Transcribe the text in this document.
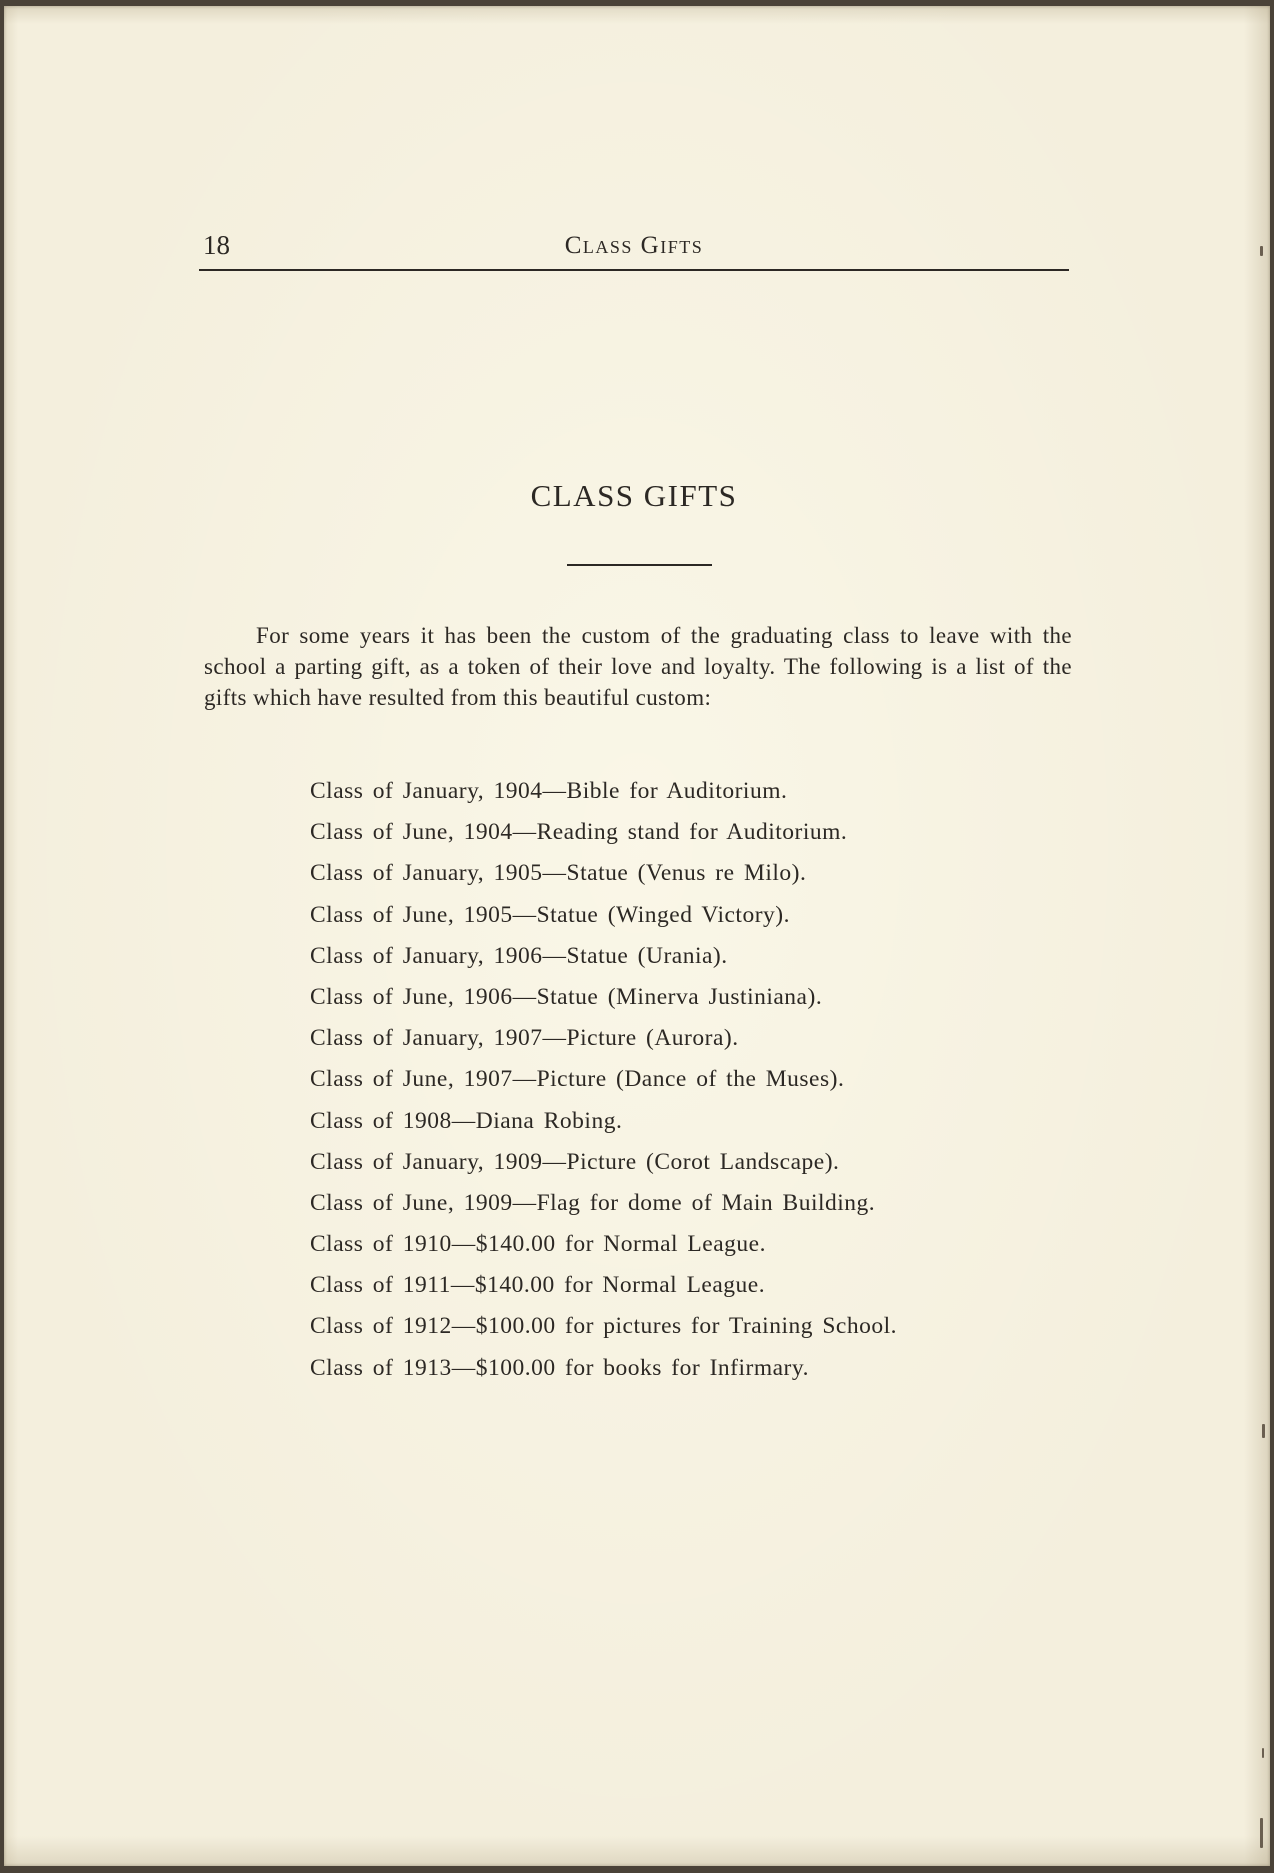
18	Class Gifts
CLASS GIFTS

For some years it has been the custom of the graduating class to leave with the school a parting gift, as a token of their love and loyalty. The following is a list of the gifts which have resulted from this beautiful custom:

Class of January, 1904—Bible for Auditorium.
Class of June, 1904—Reading stand for Auditorium.
Class of January, 1905—Statue (Venus re Milo).
Class of June, 1905—Statue (Winged Victory).
Class of January, 1906—Statue (Urania).
Class of June, 1906—Statue (Minerva Justiniana).
Class of January, 1907—Picture (Aurora).
Class of June, 1907—Picture (Dance of the Muses).
Class of 1908—Diana Robing.
Class of January, 1909—Picture (Corot Landscape).
Class of June, 1909—Flag for dome of Main Building.
Class of 1910—$140.00 for Normal League.
Class of 1911—$140.00 for Normal League.
Class of 1912—$100.00 for pictures for Training School.
Class of 1913—$100.00 for books for Infirmary.
